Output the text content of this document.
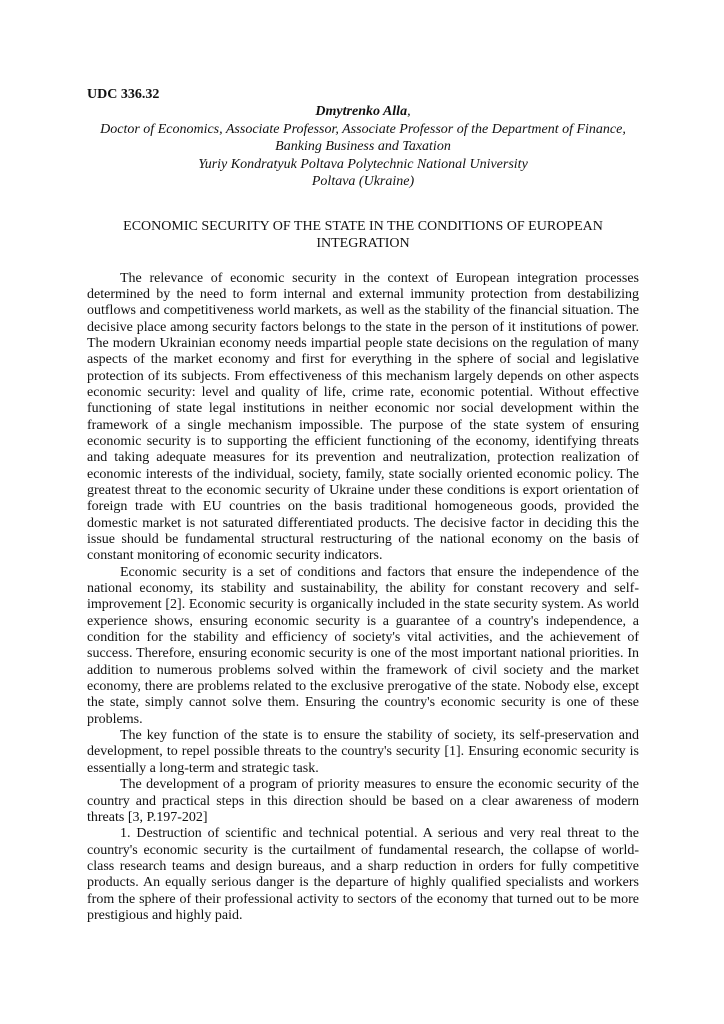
UDC 336.32

Dmytrenko Alla,
Doctor of Economics, Associate Professor, Associate Professor of the Department of Finance, Banking Business and Taxation
Yuriy Kondratyuk Poltava Polytechnic National University
Poltava (Ukraine)
ECONOMIC SECURITY OF THE STATE IN THE CONDITIONS OF EUROPEAN INTEGRATION

The relevance of economic security in the context of European integration processes determined by the need to form internal and external immunity protection from destabilizing outflows and competitiveness world markets, as well as the stability of the financial situation. The decisive place among security factors belongs to the state in the person of it institutions of power. The modern Ukrainian economy needs impartial people state decisions on the regulation of many aspects of the market economy and first for everything in the sphere of social and legislative protection of its subjects. From effectiveness of this mechanism largely depends on other aspects economic security: level and quality of life, crime rate, economic potential. Without effective functioning of state legal institutions in neither economic nor social development within the framework of a single mechanism impossible. The purpose of the state system of ensuring economic security is to supporting the efficient functioning of the economy, identifying threats and taking adequate measures for its prevention and neutralization, protection realization of economic interests of the individual, society, family, state socially oriented economic policy. The greatest threat to the economic security of Ukraine under these conditions is export orientation of foreign trade with EU countries on the basis traditional homogeneous goods, provided the domestic market is not saturated differentiated products. The decisive factor in deciding this the issue should be fundamental structural restructuring of the national economy on the basis of constant monitoring of economic security indicators.

Economic security is a set of conditions and factors that ensure the independence of the national economy, its stability and sustainability, the ability for constant recovery and self-improvement [2]. Economic security is organically included in the state security system. As world experience shows, ensuring economic security is a guarantee of a country's independence, a condition for the stability and efficiency of society's vital activities, and the achievement of success. Therefore, ensuring economic security is one of the most important national priorities. In addition to numerous problems solved within the framework of civil society and the market economy, there are problems related to the exclusive prerogative of the state. Nobody else, except the state, simply cannot solve them. Ensuring the country's economic security is one of these problems.

The key function of the state is to ensure the stability of society, its self-preservation and development, to repel possible threats to the country's security [1]. Ensuring economic security is essentially a long-term and strategic task.

The development of a program of priority measures to ensure the economic security of the country and practical steps in this direction should be based on a clear awareness of modern threats [3, P.197-202]

1. Destruction of scientific and technical potential. A serious and very real threat to the country's economic security is the curtailment of fundamental research, the collapse of world-class research teams and design bureaus, and a sharp reduction in orders for fully competitive products. An equally serious danger is the departure of highly qualified specialists and workers from the sphere of their professional activity to sectors of the economy that turned out to be more prestigious and highly paid.
